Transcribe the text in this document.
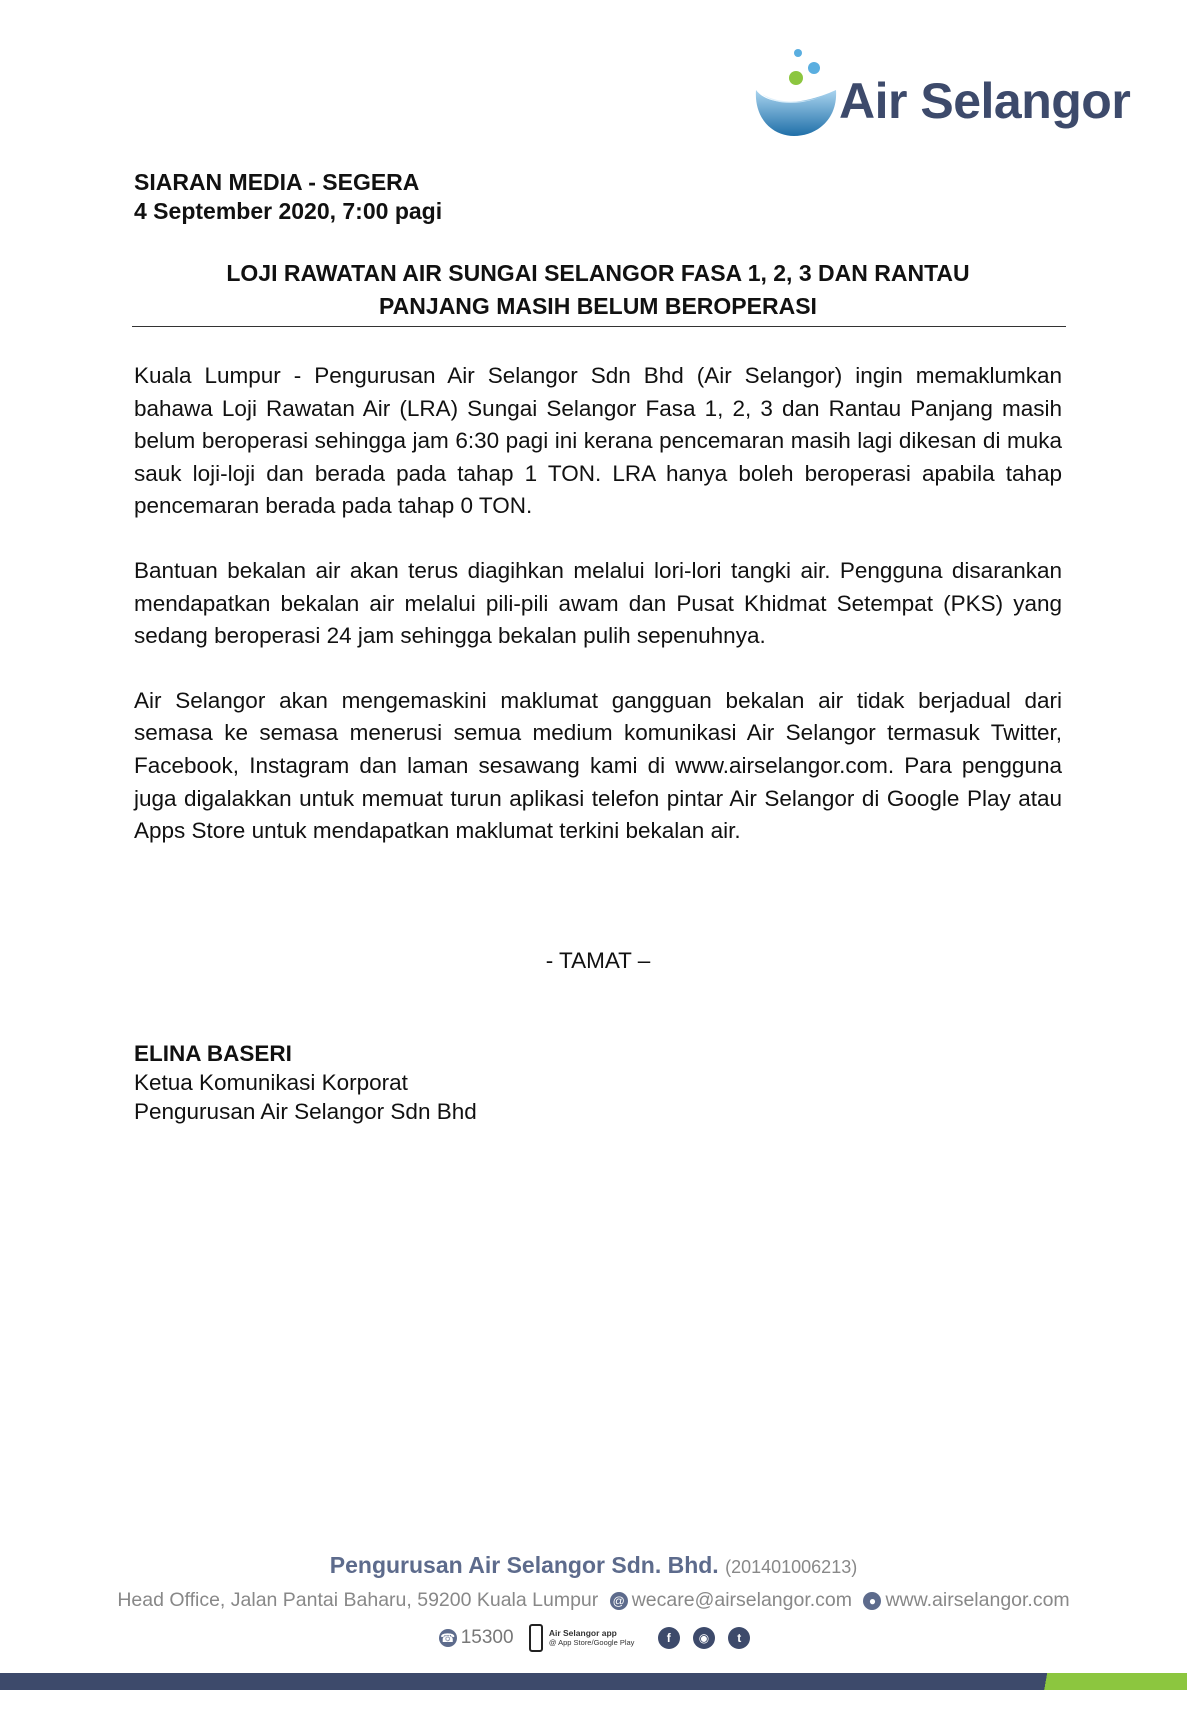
Air Selangor
SIARAN MEDIA - SEGERA
4 September 2020, 7:00 pagi
LOJI RAWATAN AIR SUNGAI SELANGOR FASA 1, 2, 3 DAN RANTAU
PANJANG MASIH BELUM BEROPERASI

Kuala Lumpur - Pengurusan Air Selangor Sdn Bhd (Air Selangor) ingin memaklumkan bahawa Loji Rawatan Air (LRA) Sungai Selangor Fasa 1, 2, 3 dan Rantau Panjang masih belum beroperasi sehingga jam 6:30 pagi ini kerana pencemaran masih lagi dikesan di muka sauk loji-loji dan berada pada tahap 1 TON. LRA hanya boleh beroperasi apabila tahap pencemaran berada pada tahap 0 TON.

Bantuan bekalan air akan terus diagihkan melalui lori-lori tangki air. Pengguna disarankan mendapatkan bekalan air melalui pili-pili awam dan Pusat Khidmat Setempat (PKS) yang sedang beroperasi 24 jam sehingga bekalan pulih sepenuhnya.

Air Selangor akan mengemaskini maklumat gangguan bekalan air tidak berjadual dari semasa ke semasa menerusi semua medium komunikasi Air Selangor termasuk Twitter, Facebook, Instagram dan laman sesawang kami di www.airselangor.com. Para pengguna juga digalakkan untuk memuat turun aplikasi telefon pintar Air Selangor di Google Play atau Apps Store untuk mendapatkan maklumat terkini bekalan air.

- TAMAT –
ELINA BASERI
Ketua Komunikasi Korporat
Pengurusan Air Selangor Sdn Bhd
Pengurusan Air Selangor Sdn. Bhd. (201401006213)
Head Office, Jalan Pantai Baharu, 59200 Kuala Lumpur @ wecare@airselangor.com ● www.airselangor.com
☎ 15300	Air Selangor app
@ App Store/Google Play	f ◉ t
